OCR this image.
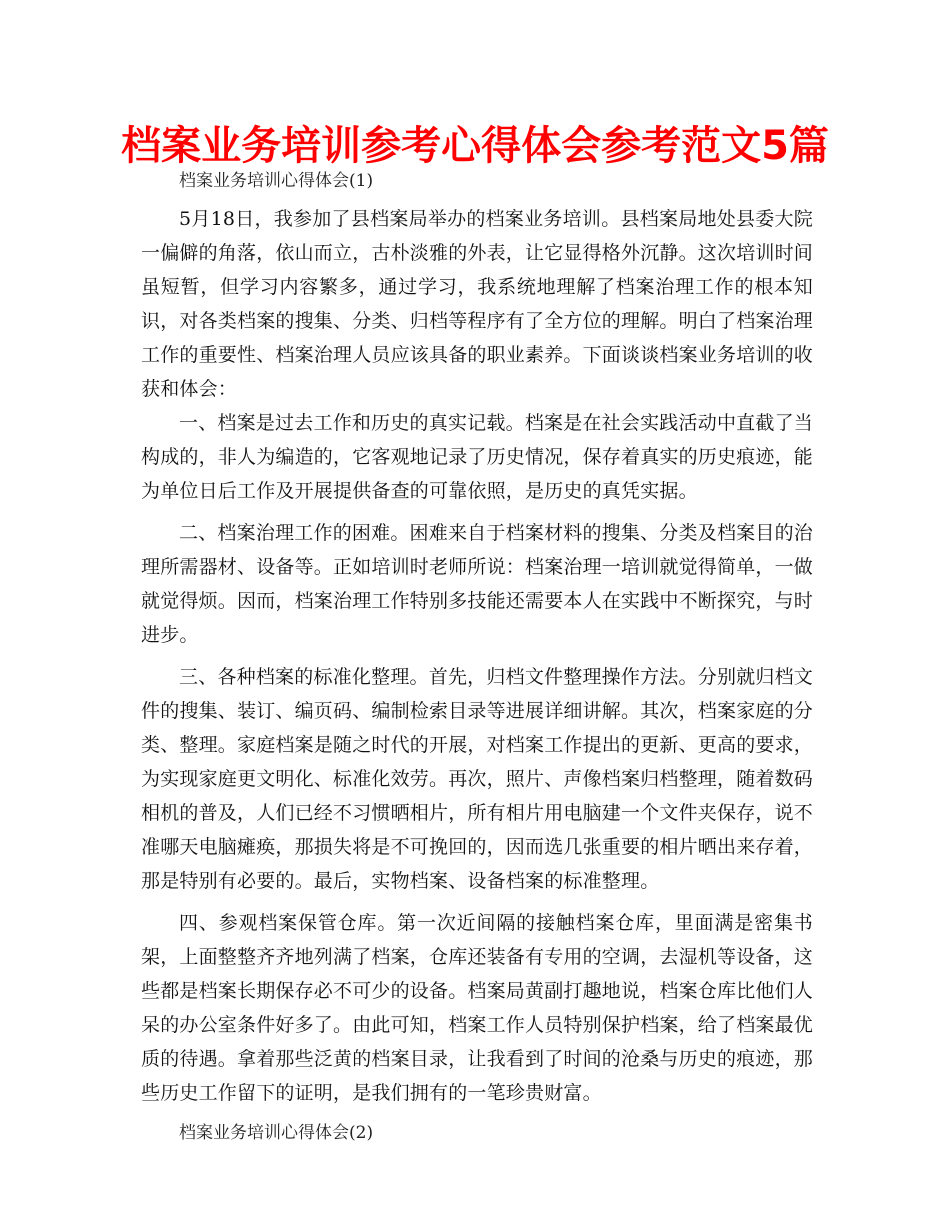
档案业务培训参考心得体会参考范文5篇

档案业务培训心得体会(1)

5月18日，我参加了县档案局举办的档案业务培训。县档案局地处县委大院一偏僻的角落，依山而立，古朴淡雅的外表，让它显得格外沉静。这次培训时间虽短暂，但学习内容繁多，通过学习，我系统地理解了档案治理工作的根本知识，对各类档案的搜集、分类、归档等程序有了全方位的理解。明白了档案治理工作的重要性、档案治理人员应该具备的职业素养。下面谈谈档案业务培训的收获和体会：

一、档案是过去工作和历史的真实记载。档案是在社会实践活动中直截了当构成的，非人为编造的，它客观地记录了历史情况，保存着真实的历史痕迹，能为单位日后工作及开展提供备查的可靠依照，是历史的真凭实据。

二、档案治理工作的困难。困难来自于档案材料的搜集、分类及档案目的治理所需器材、设备等。正如培训时老师所说：档案治理一培训就觉得简单，一做就觉得烦。因而，档案治理工作特别多技能还需要本人在实践中不断探究，与时进步。

三、各种档案的标准化整理。首先，归档文件整理操作方法。分别就归档文件的搜集、装订、编页码、编制检索目录等进展详细讲解。其次，档案家庭的分类、整理。家庭档案是随之时代的开展，对档案工作提出的更新、更高的要求，为实现家庭更文明化、标准化效劳。再次，照片、声像档案归档整理，随着数码相机的普及，人们已经不习惯晒相片，所有相片用电脑建一个文件夹保存，说不准哪天电脑瘫痪，那损失将是不可挽回的，因而选几张重要的相片晒出来存着，那是特别有必要的。最后，实物档案、设备档案的标准整理。

四、参观档案保管仓库。第一次近间隔的接触档案仓库，里面满是密集书架，上面整整齐齐地列满了档案，仓库还装备有专用的空调，去湿机等设备，这些都是档案长期保存必不可少的设备。档案局黄副打趣地说，档案仓库比他们人呆的办公室条件好多了。由此可知，档案工作人员特别保护档案，给了档案最优质的待遇。拿着那些泛黄的档案目录，让我看到了时间的沧桑与历史的痕迹，那些历史工作留下的证明，是我们拥有的一笔珍贵财富。

档案业务培训心得体会(2)
